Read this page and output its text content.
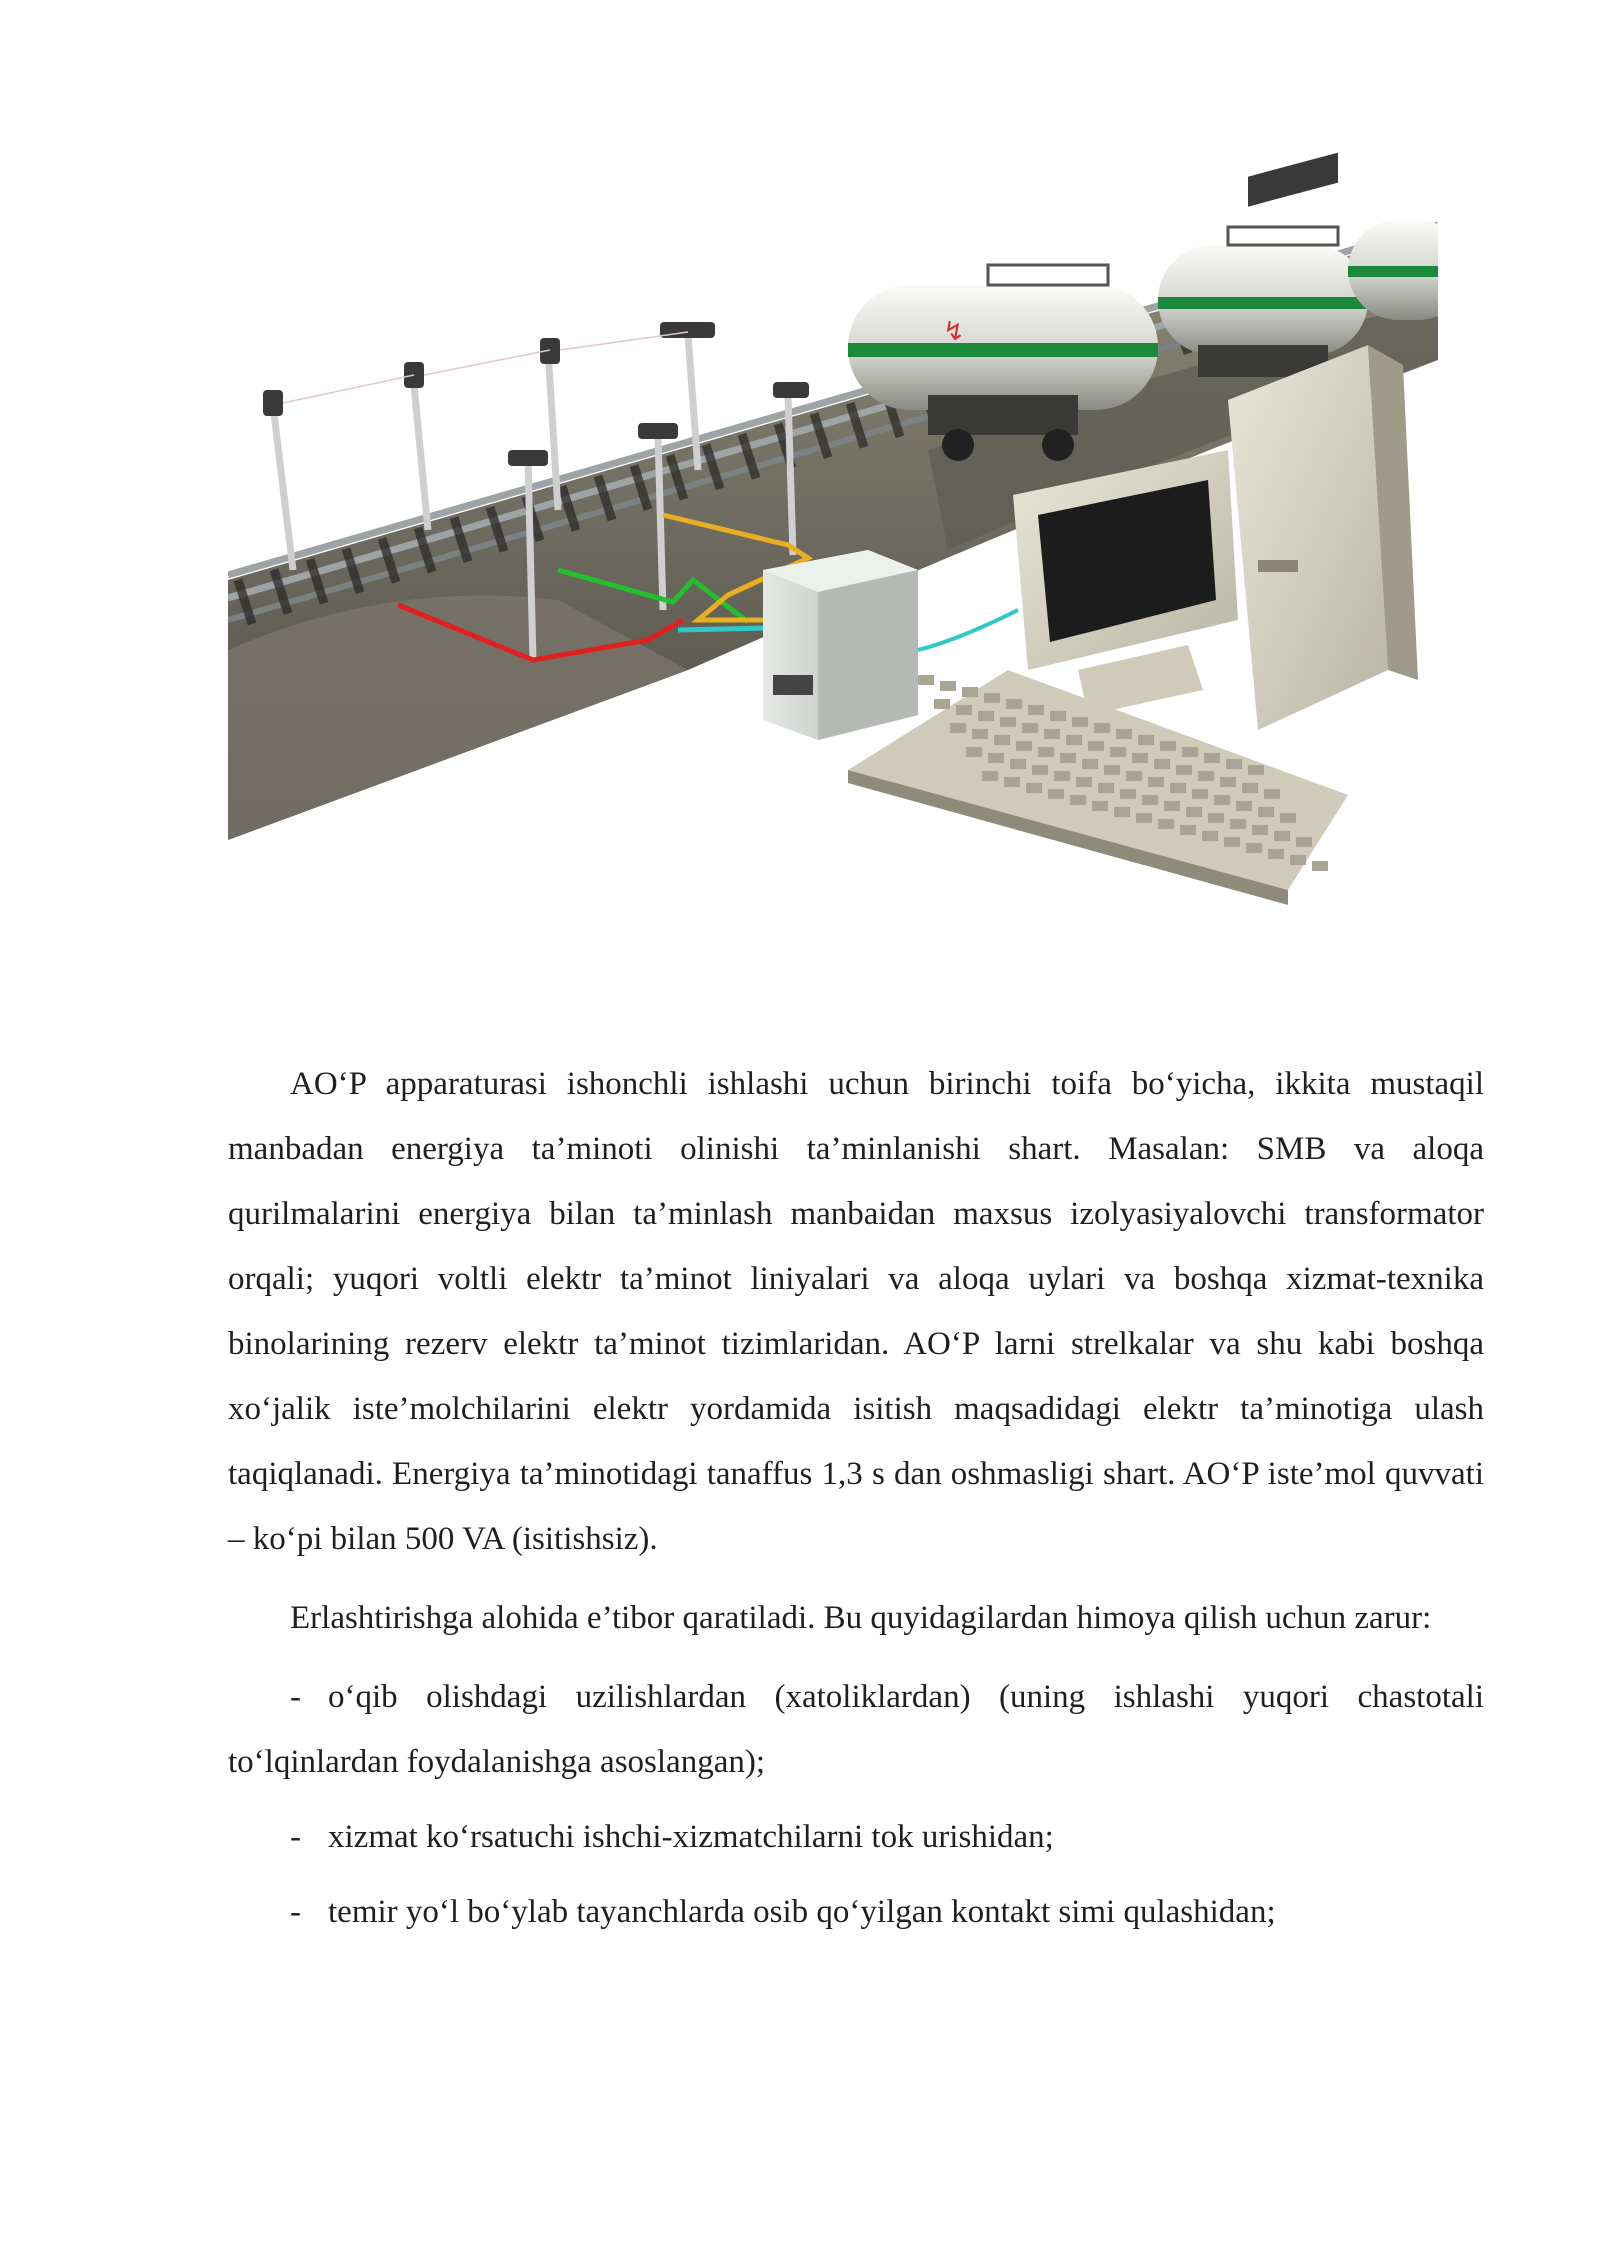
↯

AO‘P apparaturasi ishonchli ishlashi uchun birinchi toifa bo‘yicha, ikkita mustaqil manbadan energiya ta’minoti olinishi ta’minlanishi shart. Masalan: SMB va aloqa qurilmalarini energiya bilan ta’minlash manbaidan maxsus izolyasiyalovchi transformator orqali; yuqori voltli elektr ta’minot liniyalari va aloqa uylari va boshqa xizmat-texnika binolarining rezerv elektr ta’minot tizimlaridan. AO‘P larni strelkalar va shu kabi boshqa xo‘jalik iste’molchilarini elektr yordamida isitish maqsadidagi elektr ta’minotiga ulash taqiqlanadi. Energiya ta’minotidagi tanaffus 1,3 s dan oshmasligi shart. AO‘P iste’mol quvvati – ko‘pi bilan 500 VA (isitishsiz).

Erlashtirishga alohida e’tibor qaratiladi. Bu quyidagilardan himoya qilish uchun zarur:

- o‘qib olishdagi uzilishlardan (xatoliklardan) (uning ishlashi yuqori chastotali to‘lqinlardan foydalanishga asoslangan);

- xizmat ko‘rsatuchi ishchi-xizmatchilarni tok urishidan;

- temir yo‘l bo‘ylab tayanchlarda osib qo‘yilgan kontakt simi qulashidan;
